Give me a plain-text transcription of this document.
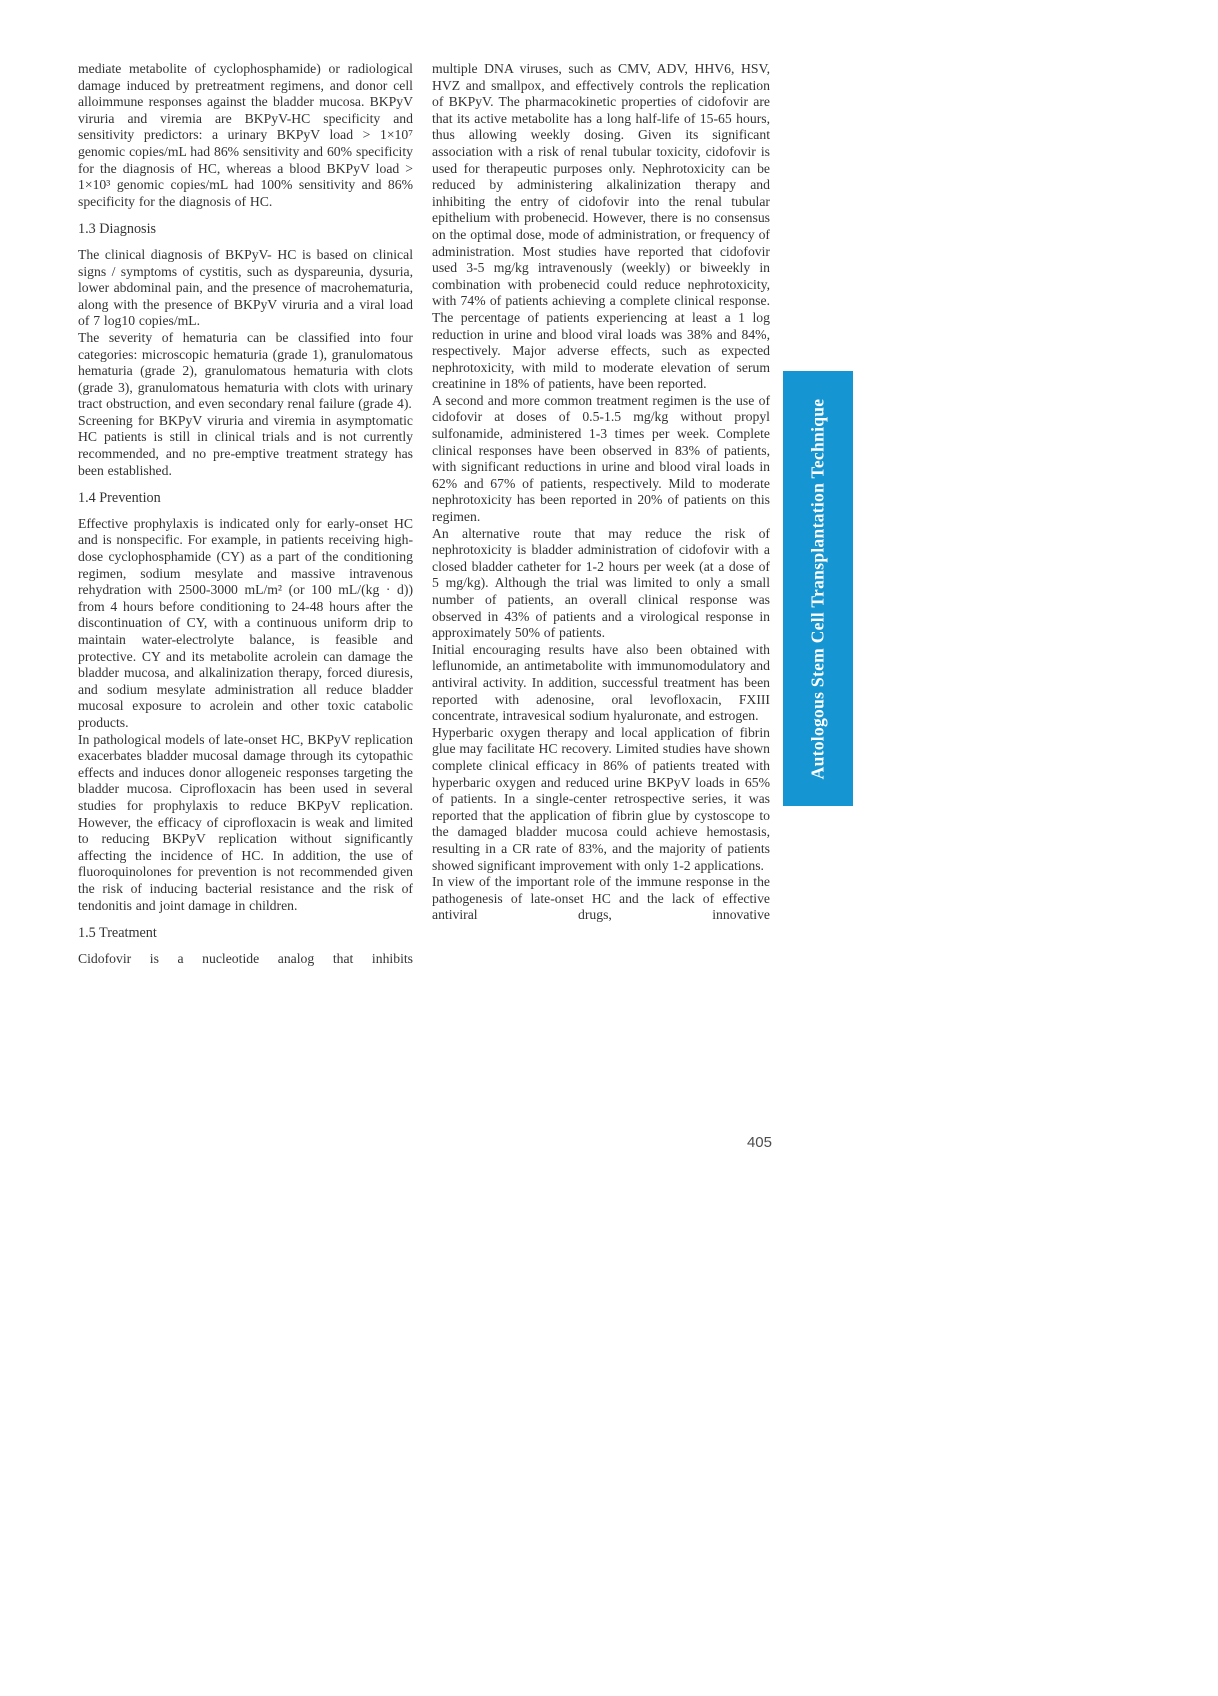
mediate metabolite of cyclophosphamide) or radiological damage induced by pretreatment regimens, and donor cell alloimmune responses against the bladder mucosa. BKPyV viruria and viremia are BKPyV-HC specificity and sensitivity predictors: a urinary BKPyV load > 1×10⁷ genomic copies/mL had 86% sensitivity and 60% specificity for the diagnosis of HC, whereas a blood BKPyV load > 1×10³ genomic copies/mL had 100% sensitivity and 86% specificity for the diagnosis of HC.

1.3 Diagnosis

The clinical diagnosis of BKPyV- HC is based on clinical signs / symptoms of cystitis, such as dyspareunia, dysuria, lower abdominal pain, and the presence of macrohematuria, along with the presence of BKPyV viruria and a viral load of 7 log10 copies/mL.

The severity of hematuria can be classified into four categories: microscopic hematuria (grade 1), granulomatous hematuria (grade 2), granulomatous hematuria with clots (grade 3), granulomatous hematuria with clots with urinary tract obstruction, and even secondary renal failure (grade 4).

Screening for BKPyV viruria and viremia in asymptomatic HC patients is still in clinical trials and is not currently recommended, and no pre-emptive treatment strategy has been established.

1.4 Prevention

Effective prophylaxis is indicated only for early-onset HC and is nonspecific. For example, in patients receiving high-dose cyclophosphamide (CY) as a part of the conditioning regimen, sodium mesylate and massive intravenous rehydration with 2500-3000 mL/m² (or 100 mL/(kg · d)) from 4 hours before conditioning to 24-48 hours after the discontinuation of CY, with a continuous uniform drip to maintain water-electrolyte balance, is feasible and protective. CY and its metabolite acrolein can damage the bladder mucosa, and alkalinization therapy, forced diuresis, and sodium mesylate administration all reduce bladder mucosal exposure to acrolein and other toxic catabolic products.

In pathological models of late-onset HC, BKPyV replication exacerbates bladder mucosal damage through its cytopathic effects and induces donor allogeneic responses targeting the bladder mucosa. Ciprofloxacin has been used in several studies for prophylaxis to reduce BKPyV replication. However, the efficacy of ciprofloxacin is weak and limited to reducing BKPyV replication without significantly affecting the incidence of HC. In addition, the use of fluoroquinolones for prevention is not recommended given the risk of inducing bacterial resistance and the risk of tendonitis and joint damage in children.

1.5 Treatment

Cidofovir is a nucleotide analog that inhibits

multiple DNA viruses, such as CMV, ADV, HHV6, HSV, HVZ and smallpox, and effectively controls the replication of BKPyV. The pharmacokinetic properties of cidofovir are that its active metabolite has a long half-life of 15-65 hours, thus allowing weekly dosing. Given its significant association with a risk of renal tubular toxicity, cidofovir is used for therapeutic purposes only. Nephrotoxicity can be reduced by administering alkalinization therapy and inhibiting the entry of cidofovir into the renal tubular epithelium with probenecid. However, there is no consensus on the optimal dose, mode of administration, or frequency of administration. Most studies have reported that cidofovir used 3-5 mg/kg intravenously (weekly) or biweekly in combination with probenecid could reduce nephrotoxicity, with 74% of patients achieving a complete clinical response. The percentage of patients experiencing at least a 1 log reduction in urine and blood viral loads was 38% and 84%, respectively. Major adverse effects, such as expected nephrotoxicity, with mild to moderate elevation of serum creatinine in 18% of patients, have been reported.

A second and more common treatment regimen is the use of cidofovir at doses of 0.5-1.5 mg/kg without propyl sulfonamide, administered 1-3 times per week. Complete clinical responses have been observed in 83% of patients, with significant reductions in urine and blood viral loads in 62% and 67% of patients, respectively. Mild to moderate nephrotoxicity has been reported in 20% of patients on this regimen.

An alternative route that may reduce the risk of nephrotoxicity is bladder administration of cidofovir with a closed bladder catheter for 1-2 hours per week (at a dose of 5 mg/kg). Although the trial was limited to only a small number of patients, an overall clinical response was observed in 43% of patients and a virological response in approximately 50% of patients.

Initial encouraging results have also been obtained with leflunomide, an antimetabolite with immunomodulatory and antiviral activity. In addition, successful treatment has been reported with adenosine, oral levofloxacin, FXIII concentrate, intravesical sodium hyaluronate, and estrogen.

Hyperbaric oxygen therapy and local application of fibrin glue may facilitate HC recovery. Limited studies have shown complete clinical efficacy in 86% of patients treated with hyperbaric oxygen and reduced urine BKPyV loads in 65% of patients. In a single-center retrospective series, it was reported that the application of fibrin glue by cystoscope to the damaged bladder mucosa could achieve hemostasis, resulting in a CR rate of 83%, and the majority of patients showed significant improvement with only 1-2 applications.

In view of the important role of the immune response in the pathogenesis of late-onset HC and the lack of effective antiviral drugs, innovative

Autologous Stem Cell Transplantation Technique
405
